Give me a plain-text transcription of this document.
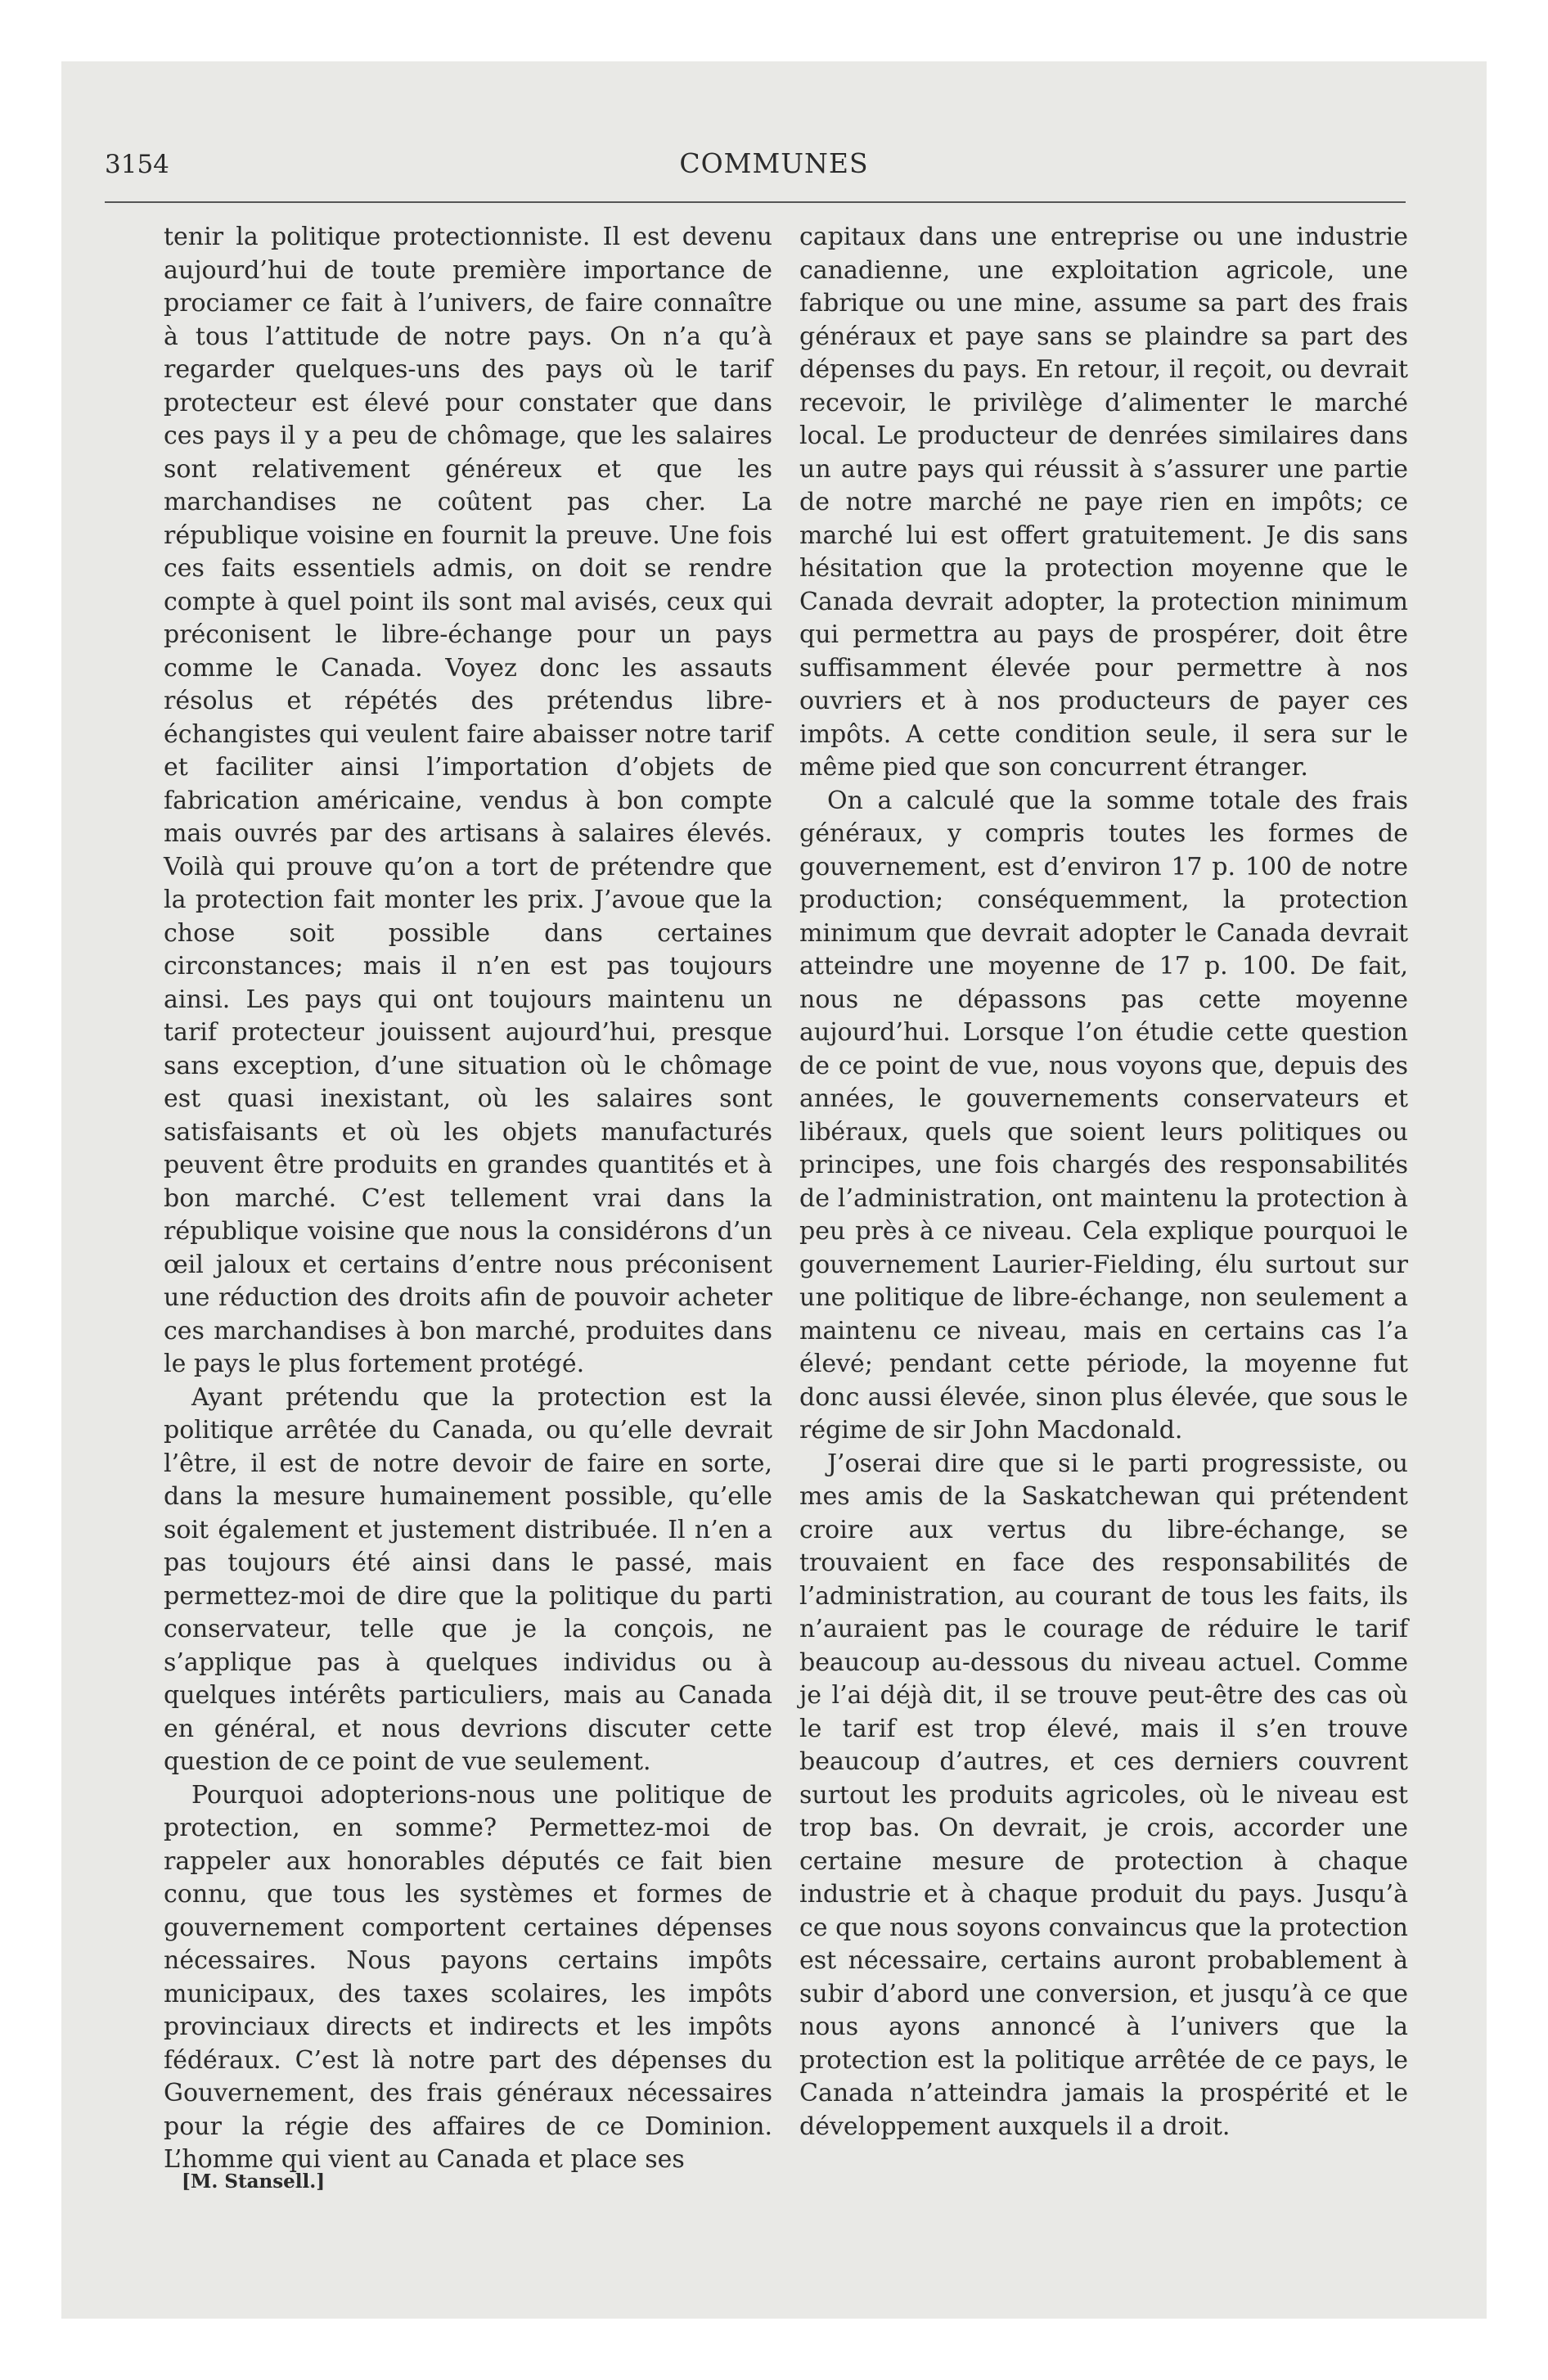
3154	COMMUNES

tenir la politique protectionniste. Il est devenu aujourd’hui de toute première importance de prociamer ce fait à l’univers, de faire connaître à tous l’attitude de notre pays. On n’a qu’à regarder quelques-uns des pays où le tarif protecteur est élevé pour constater que dans ces pays il y a peu de chômage, que les salaires sont relativement généreux et que les marchandises ne coûtent pas cher. La république voisine en fournit la preuve. Une fois ces faits essentiels admis, on doit se rendre compte à quel point ils sont mal avisés, ceux qui préconisent le libre-échange pour un pays comme le Canada. Voyez donc les assauts résolus et répétés des prétendus libre-échangistes qui veulent faire abaisser notre tarif et faciliter ainsi l’importation d’objets de fabrication américaine, vendus à bon compte mais ouvrés par des artisans à salaires élevés. Voilà qui prouve qu’on a tort de prétendre que la protection fait monter les prix. J’avoue que la chose soit possible dans certaines circonstances; mais il n’en est pas toujours ainsi. Les pays qui ont toujours maintenu un tarif protecteur jouissent aujourd’hui, presque sans exception, d’une situation où le chômage est quasi inexistant, où les salaires sont satisfaisants et où les objets manufacturés peuvent être produits en grandes quantités et à bon marché. C’est tellement vrai dans la république voisine que nous la considérons d’un œil jaloux et certains d’entre nous préconisent une réduction des droits afin de pouvoir acheter ces marchandises à bon marché, produites dans le pays le plus fortement protégé.

Ayant prétendu que la protection est la politique arrêtée du Canada, ou qu’elle devrait l’être, il est de notre devoir de faire en sorte, dans la mesure humainement possible, qu’elle soit également et justement distribuée. Il n’en a pas toujours été ainsi dans le passé, mais permettez-moi de dire que la politique du parti conservateur, telle que je la conçois, ne s’applique pas à quelques individus ou à quelques intérêts particuliers, mais au Canada en général, et nous devrions discuter cette question de ce point de vue seulement.

Pourquoi adopterions-nous une politique de protection, en somme? Permettez-moi de rappeler aux honorables députés ce fait bien connu, que tous les systèmes et formes de gouvernement comportent certaines dépenses nécessaires. Nous payons certains impôts municipaux, des taxes scolaires, les impôts provinciaux directs et indirects et les impôts fédéraux. C’est là notre part des dépenses du Gouvernement, des frais généraux nécessaires pour la régie des affaires de ce Dominion. L’homme qui vient au Canada et place ses

capitaux dans une entreprise ou une industrie canadienne, une exploitation agricole, une fabrique ou une mine, assume sa part des frais généraux et paye sans se plaindre sa part des dépenses du pays. En retour, il reçoit, ou devrait recevoir, le privilège d’alimenter le marché local. Le producteur de denrées similaires dans un autre pays qui réussit à s’assurer une partie de notre marché ne paye rien en impôts; ce marché lui est offert gratuitement. Je dis sans hésitation que la protection moyenne que le Canada devrait adopter, la protection minimum qui permettra au pays de prospérer, doit être suffisamment élevée pour permettre à nos ouvriers et à nos producteurs de payer ces impôts. A cette condition seule, il sera sur le même pied que son concurrent étranger.

On a calculé que la somme totale des frais généraux, y compris toutes les formes de gouvernement, est d’environ 17 p. 100 de notre production; conséquemment, la protection minimum que devrait adopter le Canada devrait atteindre une moyenne de 17 p. 100. De fait, nous ne dépassons pas cette moyenne aujourd’hui. Lorsque l’on étudie cette question de ce point de vue, nous voyons que, depuis des années, le gouvernements conservateurs et libéraux, quels que soient leurs politiques ou principes, une fois chargés des responsabilités de l’administration, ont maintenu la protection à peu près à ce niveau. Cela explique pourquoi le gouvernement Laurier-Fielding, élu surtout sur une politique de libre-échange, non seulement a maintenu ce niveau, mais en certains cas l’a élevé; pendant cette période, la moyenne fut donc aussi élevée, sinon plus élevée, que sous le régime de sir John Macdonald.

J’oserai dire que si le parti progressiste, ou mes amis de la Saskatchewan qui prétendent croire aux vertus du libre-échange, se trouvaient en face des responsabilités de l’administration, au courant de tous les faits, ils n’auraient pas le courage de réduire le tarif beaucoup au-dessous du niveau actuel. Comme je l’ai déjà dit, il se trouve peut-être des cas où le tarif est trop élevé, mais il s’en trouve beaucoup d’autres, et ces derniers couvrent surtout les produits agricoles, où le niveau est trop bas. On devrait, je crois, accorder une certaine mesure de protection à chaque industrie et à chaque produit du pays. Jusqu’à ce que nous soyons convaincus que la protection est nécessaire, certains auront probablement à subir d’abord une conversion, et jusqu’à ce que nous ayons annoncé à l’univers que la protection est la politique arrêtée de ce pays, le Canada n’atteindra jamais la prospérité et le développement auxquels il a droit.

[M. Stansell.]
